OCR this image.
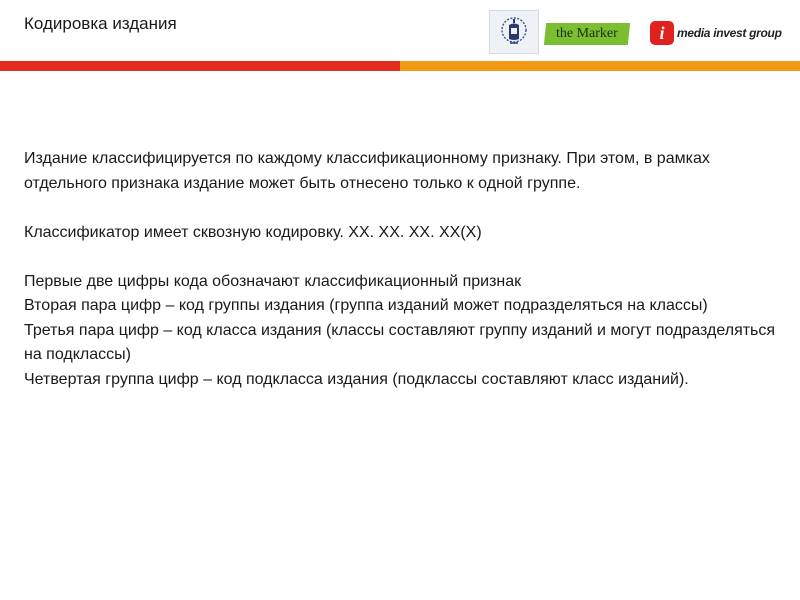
Кодировка издания
the Marker	i	media invest group

Издание классифицируется по каждому классификационному признаку. При этом, в рамках отдельного признака издание может быть отнесено только к одной группе.

Классификатор имеет сквозную кодировку. ХХ. ХХ. ХХ. ХХ(Х)

Первые две цифры кода обозначают классификационный признак

Вторая пара цифр – код группы издания (группа изданий может подразделяться на классы)

Третья пара цифр – код класса издания (классы составляют группу изданий и могут подразделяться на подклассы)

Четвертая группа цифр – код подкласса издания (подклассы составляют класс изданий).
